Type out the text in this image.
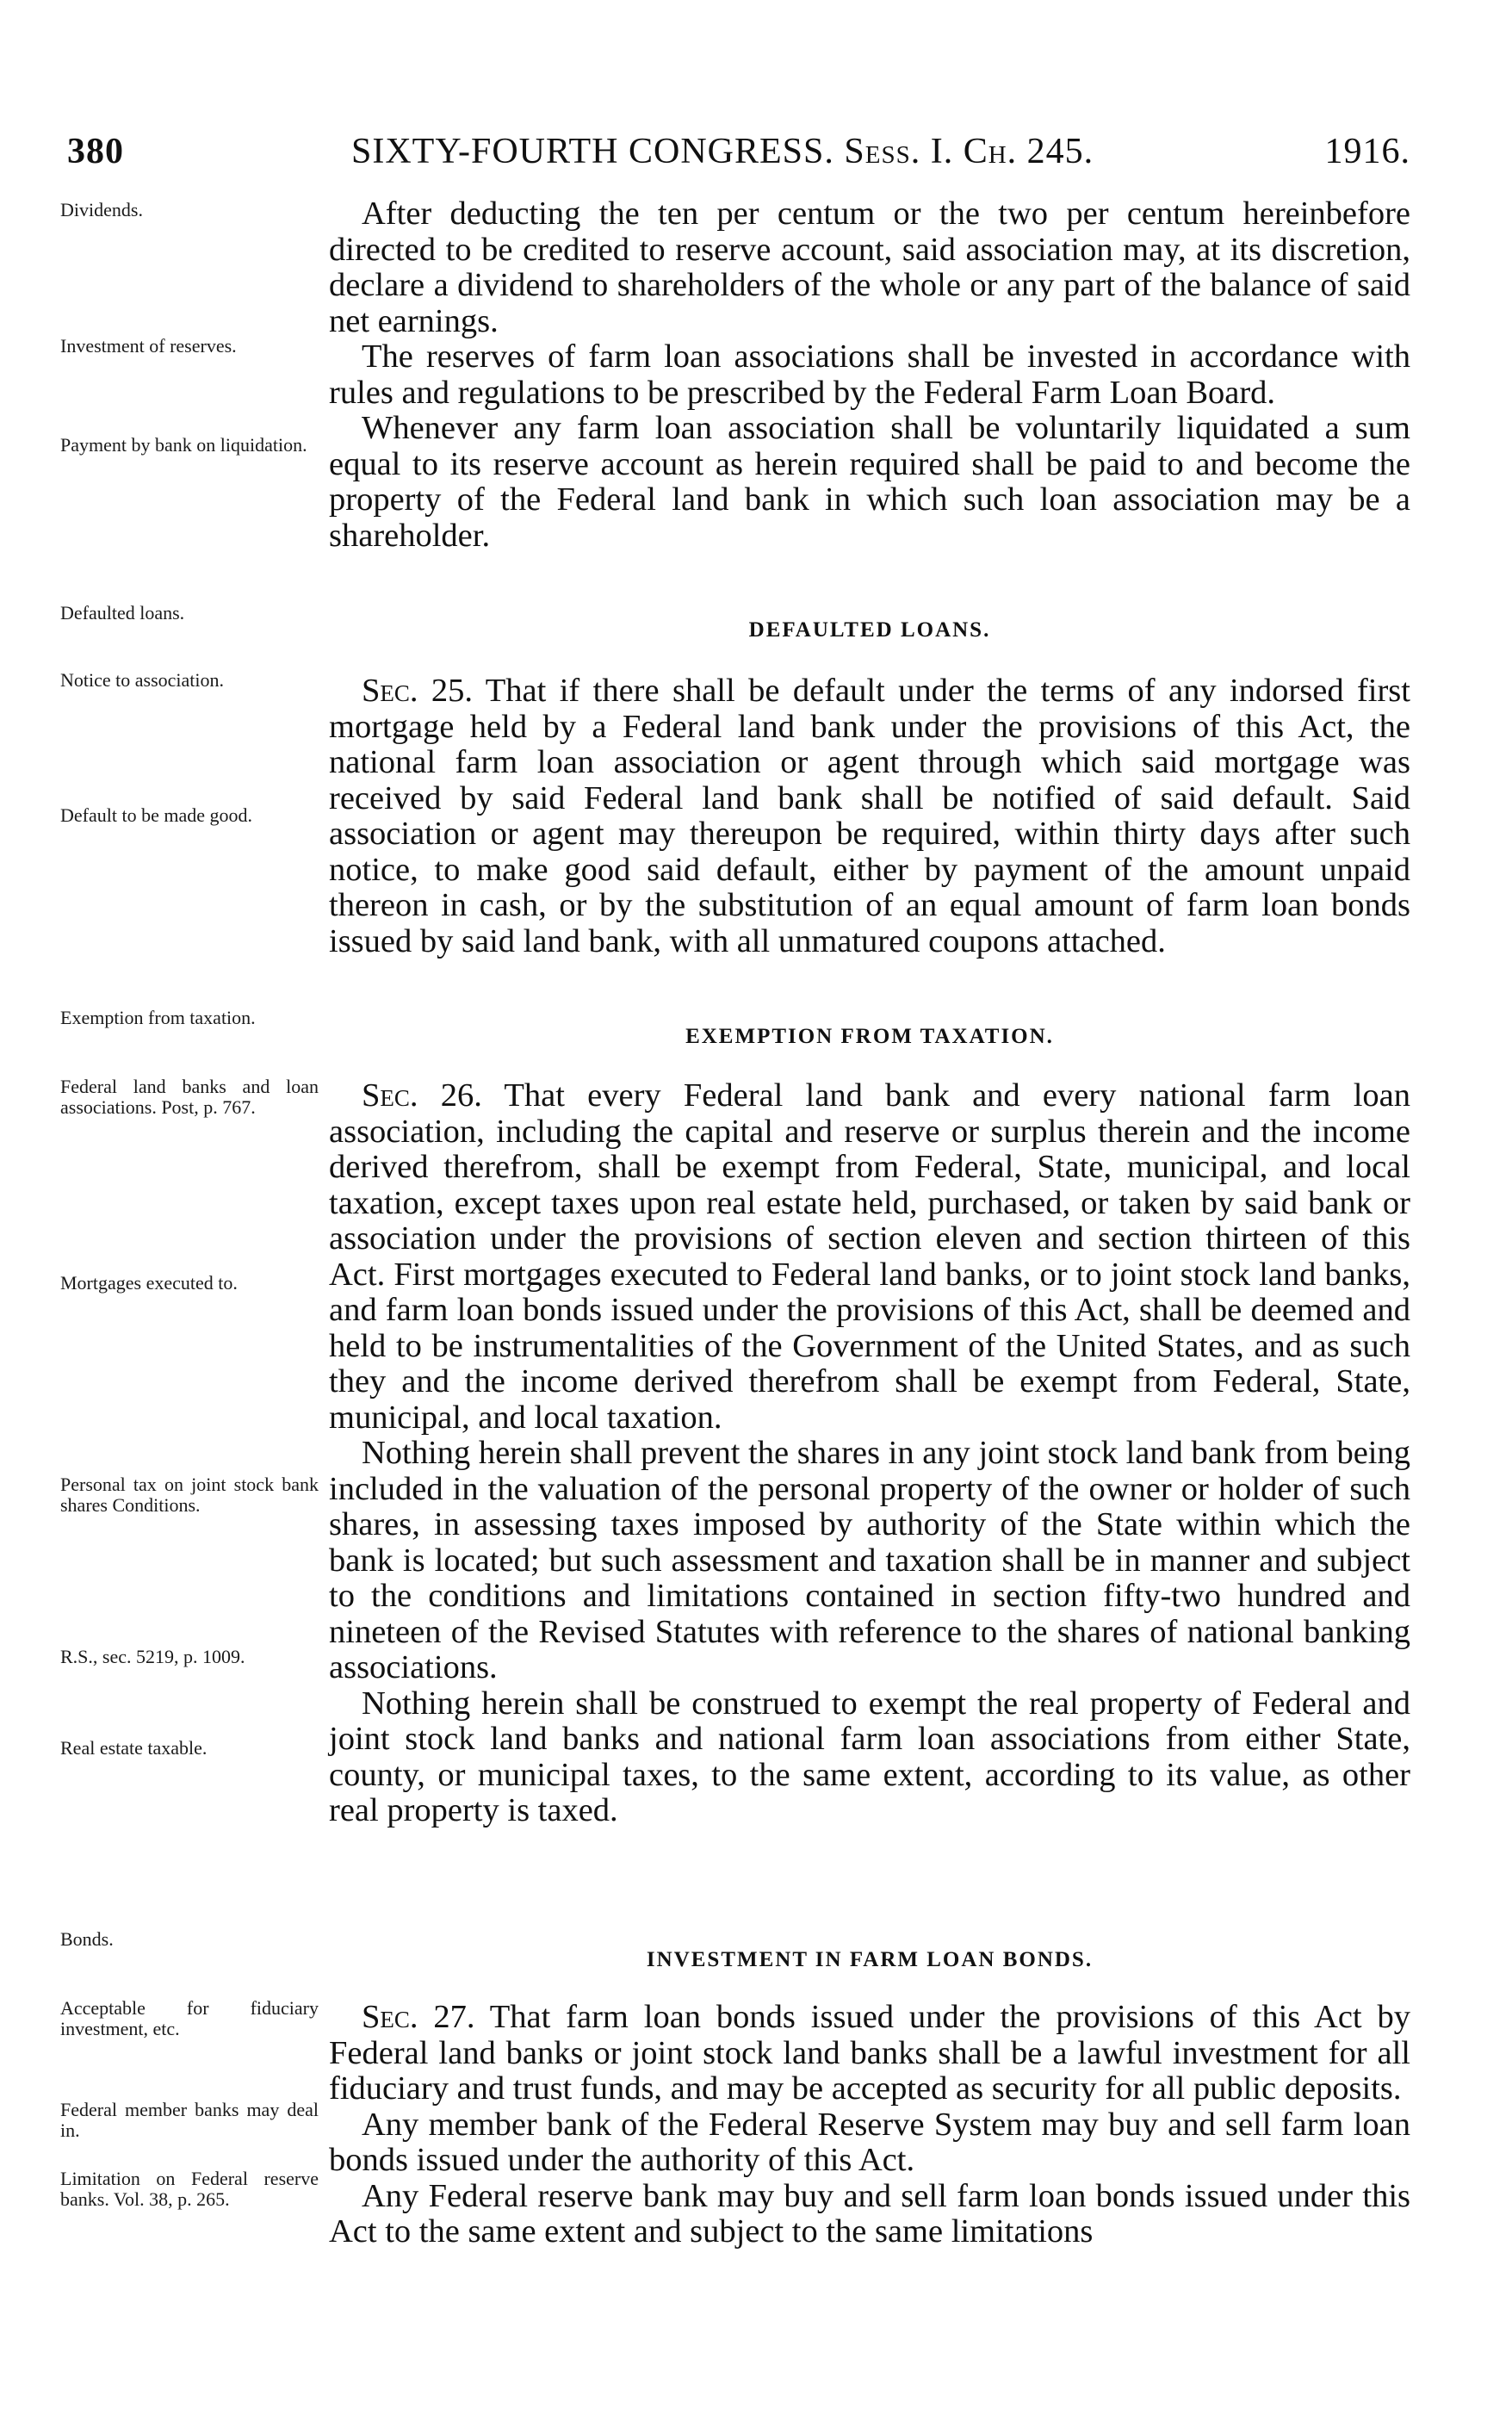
380	SIXTY-FOURTH CONGRESS. Sess. I. Ch. 245.	1916.
Dividends.
Investment of reserves.
Payment by bank on liquidation.
Defaulted loans.
Notice to association.
Default to be made good.
Exemption from taxation.
Federal land banks and loan associations. Post, p. 767.
Mortgages executed to.
Personal tax on joint stock bank shares Conditions.
R.S., sec. 5219, p. 1009.
Real estate taxable.
Bonds.
Acceptable for fiduciary investment, etc.
Federal member banks may deal in.
Limitation on Federal reserve banks. Vol. 38, p. 265.

After deducting the ten per centum or the two per centum hereinbefore directed to be credited to reserve account, said association may, at its discretion, declare a dividend to shareholders of the whole or any part of the balance of said net earnings.

The reserves of farm loan associations shall be invested in accordance with rules and regulations to be prescribed by the Federal Farm Loan Board.

Whenever any farm loan association shall be voluntarily liquidated a sum equal to its reserve account as herein required shall be paid to and become the property of the Federal land bank in which such loan association may be a shareholder.

DEFAULTED LOANS.

Sec. 25. That if there shall be default under the terms of any indorsed first mortgage held by a Federal land bank under the provisions of this Act, the national farm loan association or agent through which said mortgage was received by said Federal land bank shall be notified of said default. Said association or agent may thereupon be required, within thirty days after such notice, to make good said default, either by payment of the amount unpaid thereon in cash, or by the substitution of an equal amount of farm loan bonds issued by said land bank, with all unmatured coupons attached.

EXEMPTION FROM TAXATION.

Sec. 26. That every Federal land bank and every national farm loan association, including the capital and reserve or surplus therein and the income derived therefrom, shall be exempt from Federal, State, municipal, and local taxation, except taxes upon real estate held, purchased, or taken by said bank or association under the provisions of section eleven and section thirteen of this Act. First mortgages executed to Federal land banks, or to joint stock land banks, and farm loan bonds issued under the provisions of this Act, shall be deemed and held to be instrumentalities of the Government of the United States, and as such they and the income derived therefrom shall be exempt from Federal, State, municipal, and local taxation.

Nothing herein shall prevent the shares in any joint stock land bank from being included in the valuation of the personal property of the owner or holder of such shares, in assessing taxes imposed by authority of the State within which the bank is located; but such assessment and taxation shall be in manner and subject to the conditions and limitations contained in section fifty-two hundred and nineteen of the Revised Statutes with reference to the shares of national banking associations.

Nothing herein shall be construed to exempt the real property of Federal and joint stock land banks and national farm loan associations from either State, county, or municipal taxes, to the same extent, according to its value, as other real property is taxed.

INVESTMENT IN FARM LOAN BONDS.

Sec. 27. That farm loan bonds issued under the provisions of this Act by Federal land banks or joint stock land banks shall be a lawful investment for all fiduciary and trust funds, and may be accepted as security for all public deposits.

Any member bank of the Federal Reserve System may buy and sell farm loan bonds issued under the authority of this Act.

Any Federal reserve bank may buy and sell farm loan bonds issued under this Act to the same extent and subject to the same limitations
